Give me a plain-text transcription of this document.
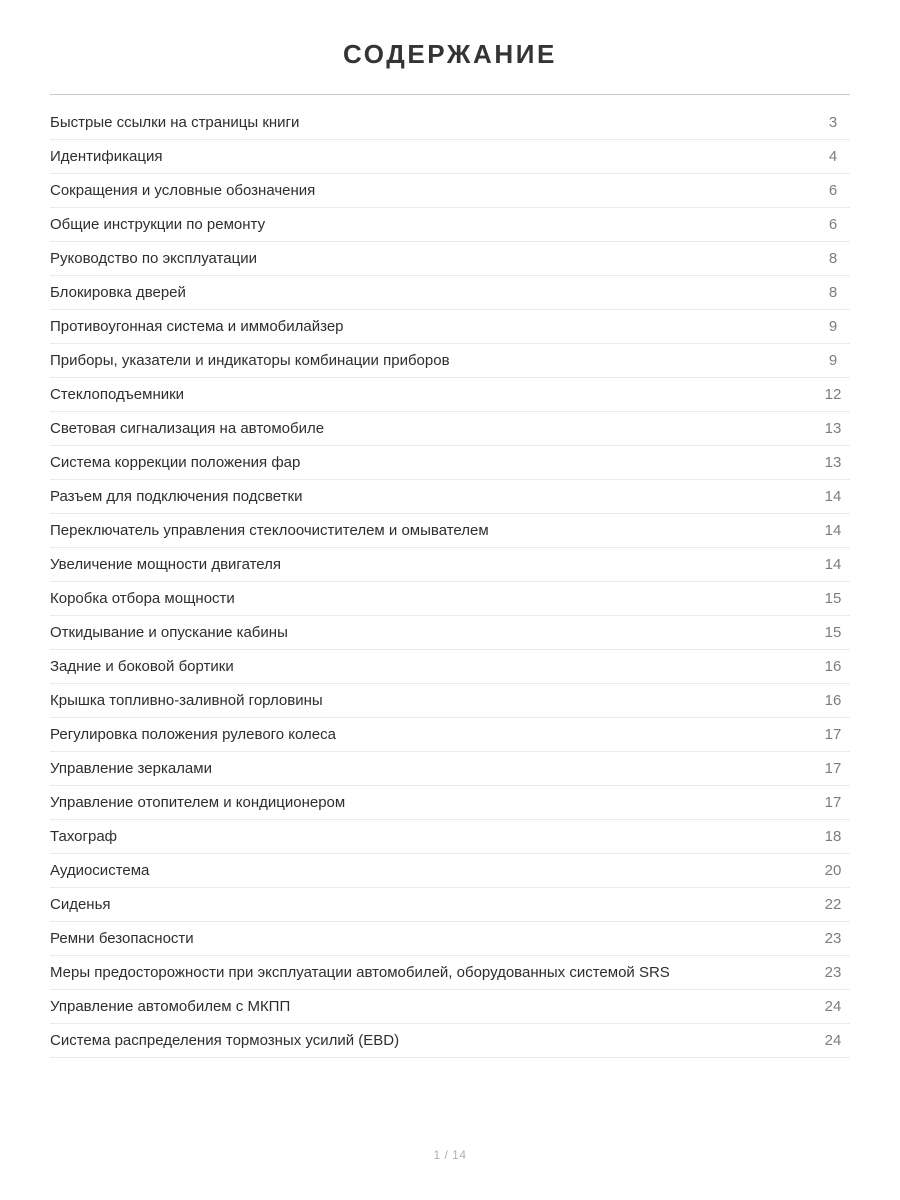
СОДЕРЖАНИЕ
Быстрые ссылки на страницы книги	3
Идентификация	4
Сокращения и условные обозначения	6
Общие инструкции по ремонту	6
Руководство по эксплуатации	8
Блокировка дверей	8
Противоугонная система и иммобилайзер	9
Приборы, указатели и индикаторы комбинации приборов	9
Стеклоподъемники	12
Световая сигнализация на автомобиле	13
Система коррекции положения фар	13
Разъем для подключения подсветки	14
Переключатель управления стеклоочистителем и омывателем	14
Увеличение мощности двигателя	14
Коробка отбора мощности	15
Откидывание и опускание кабины	15
Задние и боковой бортики	16
Крышка топливно-заливной горловины	16
Регулировка положения рулевого колеса	17
Управление зеркалами	17
Управление отопителем и кондиционером	17
Тахограф	18
Аудиосистема	20
Сиденья	22
Ремни безопасности	23
Меры предосторожности при эксплуатации автомобилей, оборудованных системой SRS	23
Управление автомобилем с МКПП	24
Система распределения тормозных усилий (EBD)	24
1 / 14
